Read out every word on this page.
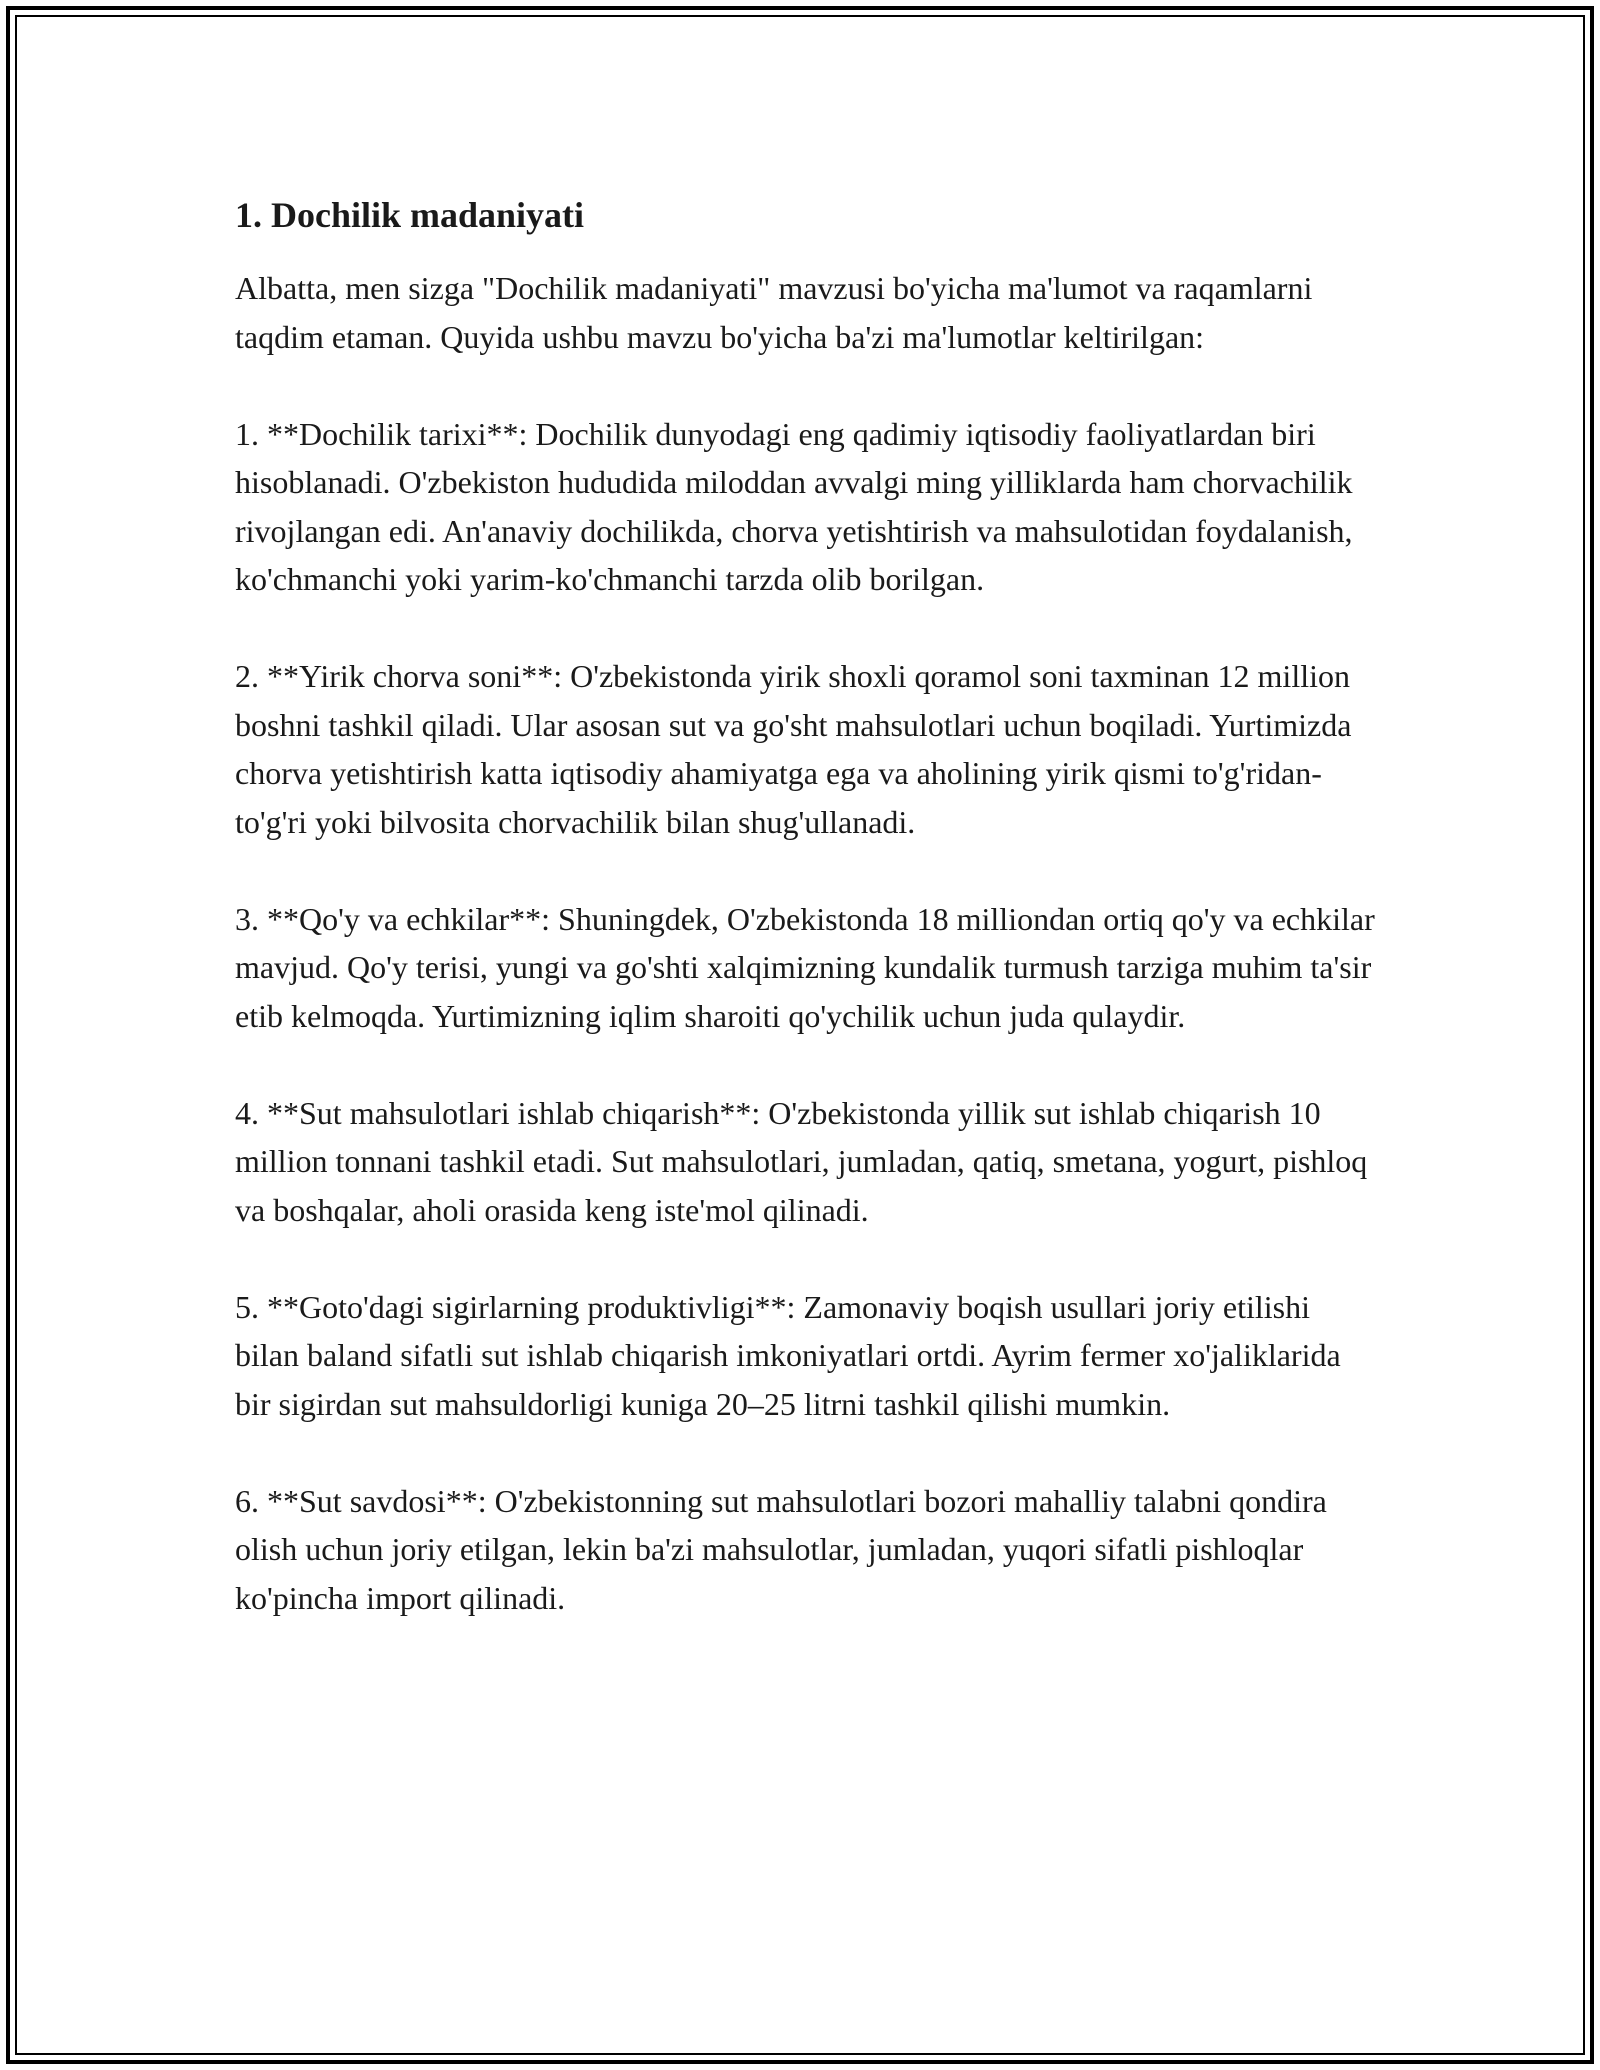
1. Dochilik madaniyati

Albatta, men sizga "Dochilik madaniyati" mavzusi bo'yicha ma'lumot va raqamlarni taqdim etaman. Quyida ushbu mavzu bo'yicha ba'zi ma'lumotlar keltirilgan:

1. **Dochilik tarixi**: Dochilik dunyodagi eng qadimiy iqtisodiy faoliyatlardan biri hisoblanadi. O'zbekiston hududida miloddan avvalgi ming yilliklarda ham chorvachilik rivojlangan edi. An'anaviy dochilikda, chorva yetishtirish va mahsulotidan foydalanish, ko'chmanchi yoki yarim-ko'chmanchi tarzda olib borilgan.

2. **Yirik chorva soni**: O'zbekistonda yirik shoxli qoramol soni taxminan 12 million boshni tashkil qiladi. Ular asosan sut va go'sht mahsulotlari uchun boqiladi. Yurtimizda chorva yetishtirish katta iqtisodiy ahamiyatga ega va aholining yirik qismi to'g'ridan-to'g'ri yoki bilvosita chorvachilik bilan shug'ullanadi.

3. **Qo'y va echkilar**: Shuningdek, O'zbekistonda 18 milliondan ortiq qo'y va echkilar mavjud. Qo'y terisi, yungi va go'shti xalqimizning kundalik turmush tarziga muhim ta'sir etib kelmoqda. Yurtimizning iqlim sharoiti qo'ychilik uchun juda qulaydir.

4. **Sut mahsulotlari ishlab chiqarish**: O'zbekistonda yillik sut ishlab chiqarish 10 million tonnani tashkil etadi. Sut mahsulotlari, jumladan, qatiq, smetana, yogurt, pishloq va boshqalar, aholi orasida keng iste'mol qilinadi.

5. **Goto'dagi sigirlarning produktivligi**: Zamonaviy boqish usullari joriy etilishi bilan baland sifatli sut ishlab chiqarish imkoniyatlari ortdi. Ayrim fermer xo'jaliklarida bir sigirdan sut mahsuldorligi kuniga 20–25 litrni tashkil qilishi mumkin.

6. **Sut savdosi**: O'zbekistonning sut mahsulotlari bozori mahalliy talabni qondira olish uchun joriy etilgan, lekin ba'zi mahsulotlar, jumladan, yuqori sifatli pishloqlar ko'pincha import qilinadi.
